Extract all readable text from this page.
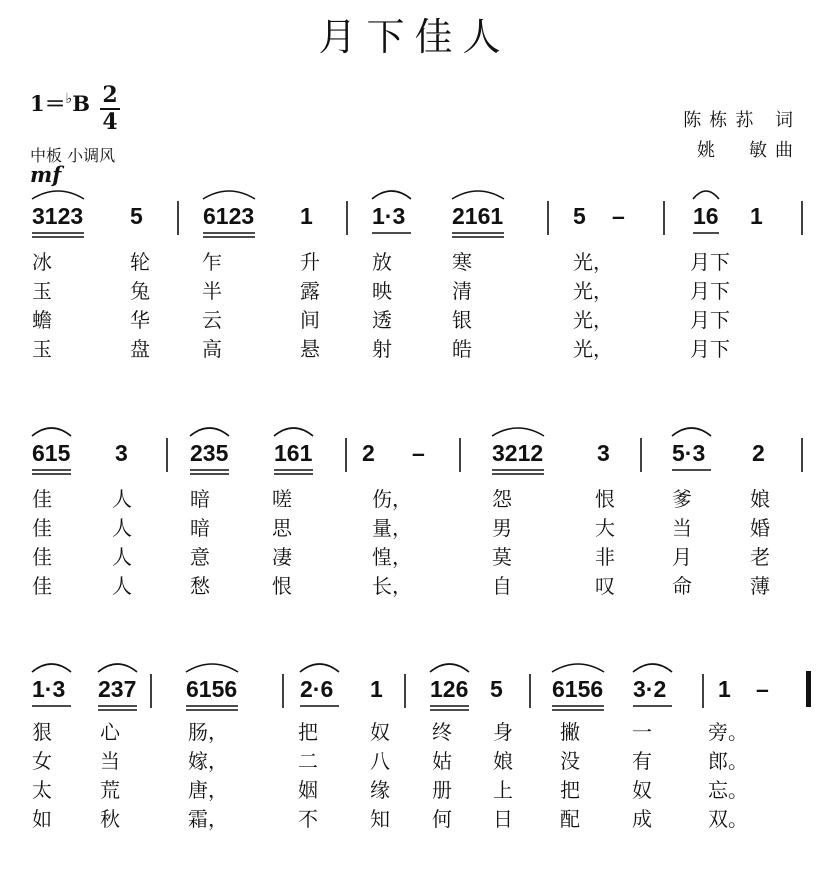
月下佳人
1＝♭B 2
4
中板 小调风
陈栋荪 词
姚　敏曲
mf
3123 5	6123 1	1·3 2161	5 –	16 1
冰	轮	乍	升	放	寒	光，	月下
玉	兔	半	露	映	清	光，	月下
蟾	华	云	间	透	银	光，	月下
玉	盘	高	悬	射	皓	光，	月下
615 3	235 161 2 –	3212 3	5·3 2
佳	人	暗	嗟	伤，	怨	恨	爹	娘
佳	人	暗	思	量，	男	大	当	婚
佳	人	意	凄	惶，	莫	非	月	老
佳	人	愁	恨	长，	自	叹	命	薄
1·3 237 6156	2·6 1 126 5 6156 3·2 1 –
狠 心	肠，	把	奴 终 身 撇	一	旁。
女 当	嫁，	二	八 姑 娘 没	有	郎。
太 荒	唐，	姻	缘 册 上 把	奴	忘。
如 秋	霜，	不	知 何 日 配	成	双。
